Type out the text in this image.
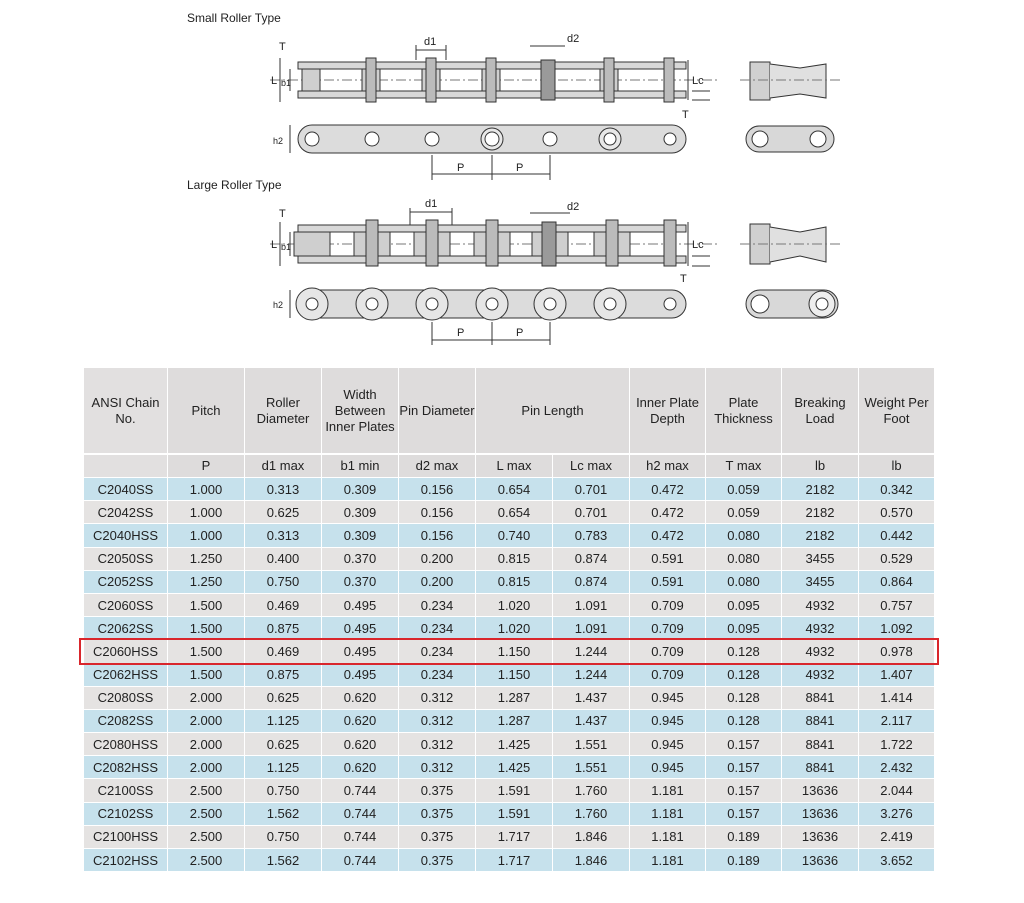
Small Roller Type
Large Roller Type
T
L b1
d1	d2
Lc
T
h2
P	P
T
L b1
d1	d2
Lc
T
h2
P	P
ANSI Chain No.	Pitch	Roller Diameter	Width Between Inner Plates	Pin Diameter	Pin Length		Inner Plate Depth	Plate Thickness	Breaking Load	Weight Per Foot
	P	d1 max	b1 min	d2 max	L max	Lc max	h2 max	T max	lb	lb
C2040SS	1.000	0.313	0.309	0.156	0.654	0.701	0.472	0.059	2182	0.342
C2042SS	1.000	0.625	0.309	0.156	0.654	0.701	0.472	0.059	2182	0.570
C2040HSS	1.000	0.313	0.309	0.156	0.740	0.783	0.472	0.080	2182	0.442
C2050SS	1.250	0.400	0.370	0.200	0.815	0.874	0.591	0.080	3455	0.529
C2052SS	1.250	0.750	0.370	0.200	0.815	0.874	0.591	0.080	3455	0.864
C2060SS	1.500	0.469	0.495	0.234	1.020	1.091	0.709	0.095	4932	0.757
C2062SS	1.500	0.875	0.495	0.234	1.020	1.091	0.709	0.095	4932	1.092
C2060HSS	1.500	0.469	0.495	0.234	1.150	1.244	0.709	0.128	4932	0.978
C2062HSS	1.500	0.875	0.495	0.234	1.150	1.244	0.709	0.128	4932	1.407
C2080SS	2.000	0.625	0.620	0.312	1.287	1.437	0.945	0.128	8841	1.414
C2082SS	2.000	1.125	0.620	0.312	1.287	1.437	0.945	0.128	8841	2.117
C2080HSS	2.000	0.625	0.620	0.312	1.425	1.551	0.945	0.157	8841	1.722
C2082HSS	2.000	1.125	0.620	0.312	1.425	1.551	0.945	0.157	8841	2.432
C2100SS	2.500	0.750	0.744	0.375	1.591	1.760	1.181	0.157	13636	2.044
C2102SS	2.500	1.562	0.744	0.375	1.591	1.760	1.181	0.157	13636	3.276
C2100HSS	2.500	0.750	0.744	0.375	1.717	1.846	1.181	0.189	13636	2.419
C2102HSS	2.500	1.562	0.744	0.375	1.717	1.846	1.181	0.189	13636	3.652
